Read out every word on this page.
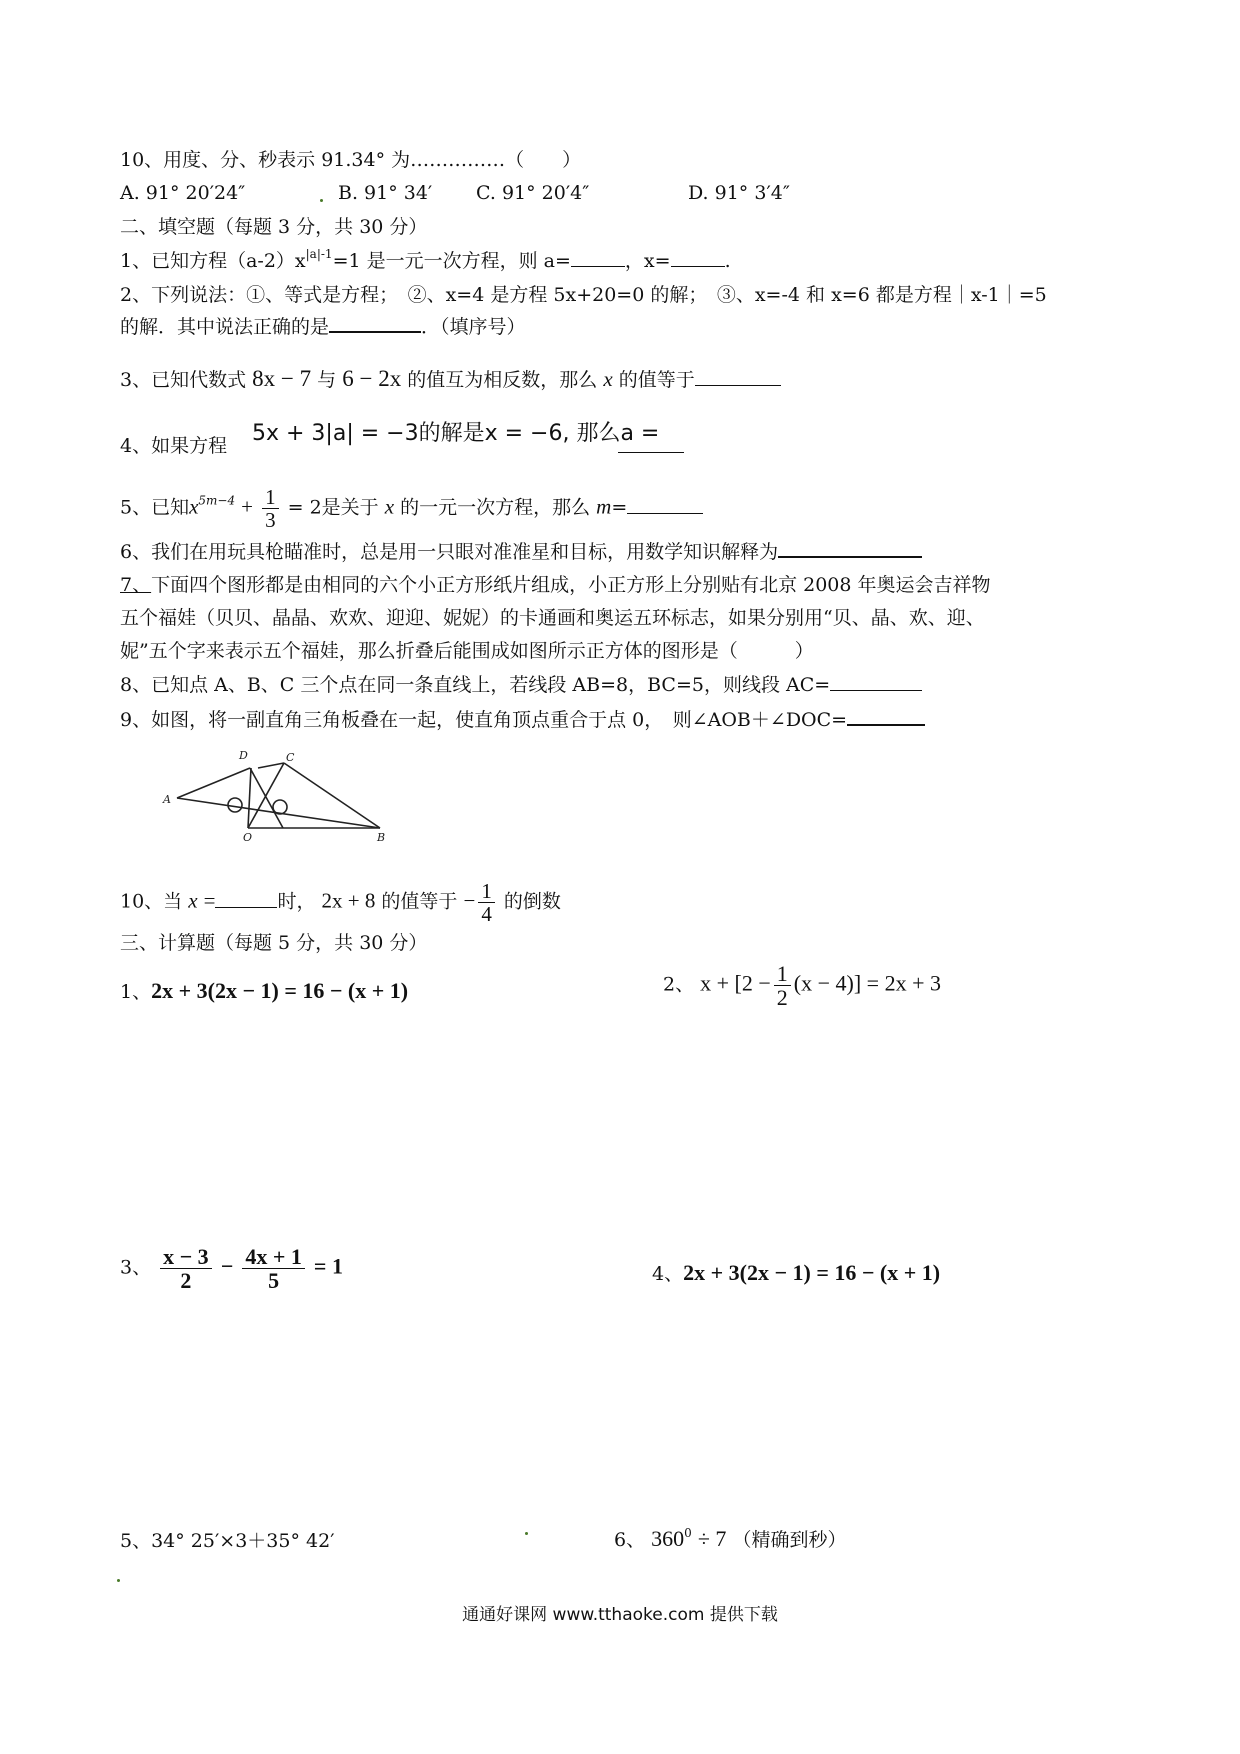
10、用度、分、秒表示 91.34° 为……………（　　）
A. 91° 20′24″	B. 91° 34′ C. 91° 20′4″	D. 91° 3′4″
二、填空题（每题 3 分，共 30 分）
1、已知方程$(a-2)x^{|a|-1}=1$ 是一元一次方程，则 a=	，x=	.
2、下列说法：①、等式是方程；　②、x=4 是方程 5x+20=0 的解；　③、x=-4 和 x=6 都是方程｜x-1｜=5
的解．其中说法正确的是	．（填序号）
3、已知代数式 8x − 7 与 6 − 2x 的值互为相反数，那么 x 的值等于
4、如果方程 5x + 3|a| = −3的解是x = −6, 那么a =
5、已知$x^{5m-4} + \frac{1}{3} = 2$是关于 x 的一元一次方程，那么 m=
6、我们在用玩具枪瞄准时，总是用一只眼对准准星和目标，用数学知识解释为
7、下面四个图形都是由相同的六个小正方形纸片组成，小正方形上分别贴有北京 2008 年奥运会吉祥物
五个福娃（贝贝、晶晶、欢欢、迎迎、妮妮）的卡通画和奥运五环标志，如果分别用“贝、晶、欢、迎、
妮”五个字来表示五个福娃，那么折叠后能围成如图所示正方体的图形是（　　　）
8、已知点 A、B、C 三个点在同一条直线上，若线段 AB=8，BC=5，则线段 AC=
9、如图，将一副直角三角板叠在一起，使直角顶点重合于点 0，　则∠AOB＋∠DOC=
A
D	C
O	B
10、当 x =	时， 2x + 8 的值等于 − $\frac{1}{4}$ 的倒数
三、计算题（每题 5 分，共 30 分）
1、2x + 3(2x − 1) = 16 − (x + 1)	2、 $x + [2 - \frac{1}{2} (x - 4)] = 2x + 3$
3、 $\frac{x - 3}{2} - \frac{4x + 1}{5} = 1$	4、2x + 3(2x − 1) = 16 − (x + 1)
5、34° 25′×3＋35° 42′	6、 $360^0 \div 7$ （精确到秒）
通通好课网 www.tthaoke.com 提供下载
